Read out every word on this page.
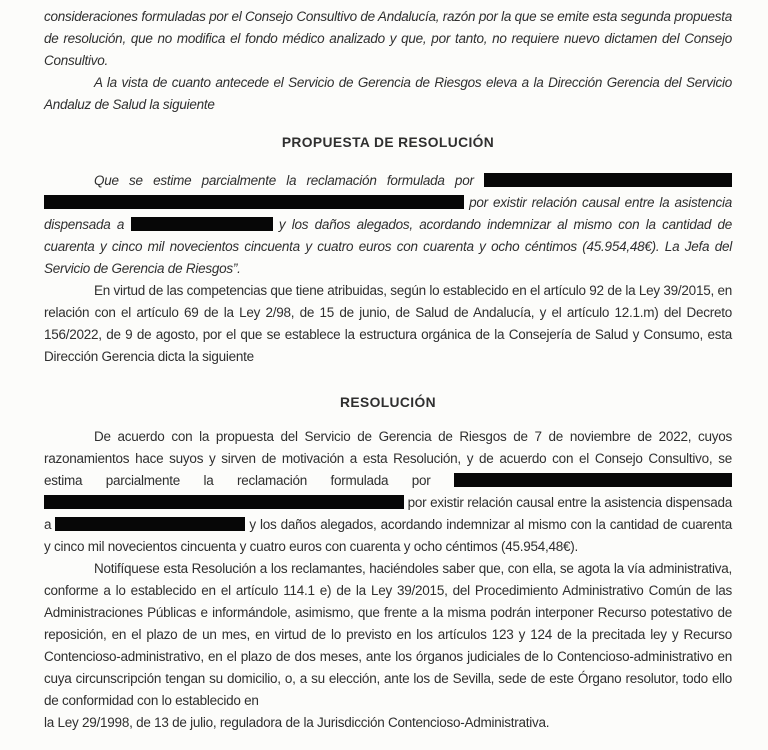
consideraciones formuladas por el Consejo Consultivo de Andalucía, razón por la que se emite esta segunda propuesta de resolución, que no modifica el fondo médico analizado y que, por tanto, no requiere nuevo dictamen del Consejo Consultivo.

A la vista de cuanto antecede el Servicio de Gerencia de Riesgos eleva a la Dirección Gerencia del Servicio Andaluz de Salud la siguiente

PROPUESTA DE RESOLUCIÓN

Que se estime parcialmente la reclamación formulada por   por existir relación causal entre la asistencia dispensada a	y los daños alegados, acordando indemnizar al mismo con la cantidad de cuarenta y cinco mil novecientos cincuenta y cuatro euros con cuarenta y ocho céntimos (45.954,48€). La Jefa del Servicio de Gerencia de Riesgos”.

En virtud de las competencias que tiene atribuidas, según lo establecido en el artículo 92 de la Ley 39/2015, en relación con el artículo 69 de la Ley 2/98, de 15 de junio, de Salud de Andalucía, y el artículo 12.1.m) del Decreto 156/2022, de 9 de agosto, por el que se establece la estructura orgánica de la Consejería de Salud y Consumo, esta Dirección Gerencia dicta la siguiente

RESOLUCIÓN

De acuerdo con la propuesta del Servicio de Gerencia de Riesgos de 7 de noviembre de 2022, cuyos razonamientos hace suyos y sirven de motivación a esta Resolución, y de acuerdo con el Consejo Consultivo, se estima parcialmente la reclamación formulada por   por existir relación causal entre la asistencia dispensada a	y los daños alegados, acordando indemnizar al mismo con la cantidad de cuarenta y cinco mil novecientos cincuenta y cuatro euros con cuarenta y ocho céntimos (45.954,48€).

Notifíquese esta Resolución a los reclamantes, haciéndoles saber que, con ella, se agota la vía administrativa, conforme a lo establecido en el artículo 114.1 e) de la Ley 39/2015, del Procedimiento Administrativo Común de las Administraciones Públicas e informándole, asimismo, que frente a la misma podrán interponer Recurso potestativo de reposición, en el plazo de un mes, en virtud de lo previsto en los artículos 123 y 124 de la precitada ley y Recurso Contencioso-administrativo, en el plazo de dos meses, ante los órganos judiciales de lo Contencioso-administrativo en cuya circunscripción tengan su domicilio, o, a su elección, ante los de Sevilla, sede de este Órgano resolutor, todo ello de conformidad con lo establecido en

la Ley 29/1998, de 13 de julio, reguladora de la Jurisdicción Contencioso-Administrativa.
